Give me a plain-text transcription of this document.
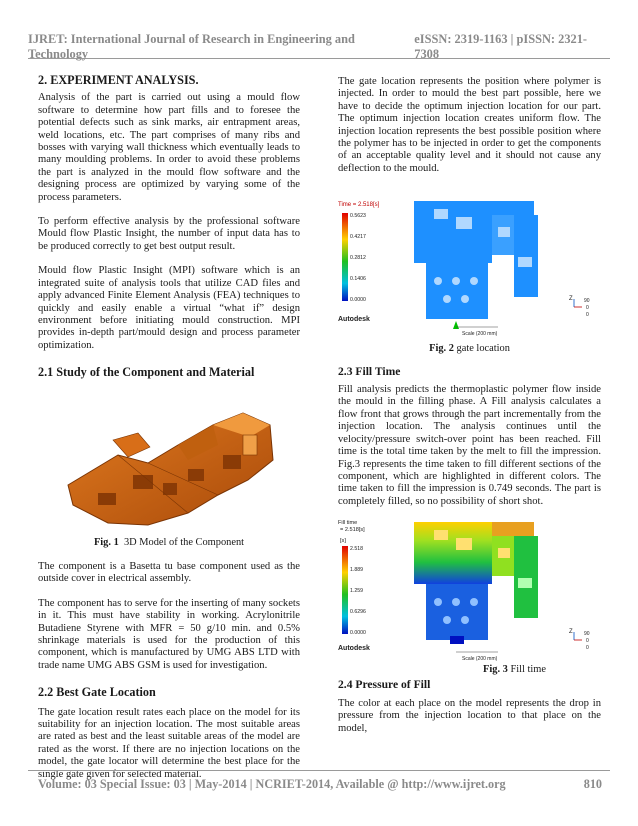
IJRET: International Journal of Research in Engineering and Technology
eISSN: 2319-1163 | pISSN: 2321-7308
2. EXPERIMENT ANALYSIS.

Analysis of the part is carried out using a mould flow software to determine how part fills and to foresee the potential defects such as sink marks, air entrapment areas, weld locations, etc. The part comprises of many ribs and bosses with varying wall thickness which eventually leads to many moulding problems. In order to avoid these problems the part is analyzed in the mould flow software and the designing process are optimized by varying some of the process parameters.

To perform effective analysis by the professional software Mould flow Plastic Insight, the number of input data has to be produced correctly to get best output result.

Mould flow Plastic Insight (MPI) software which is an integrated suite of analysis tools that utilize CAD files and apply advanced Finite Element Analysis (FEA) techniques to quickly and easily enable a virtual “what if” design environment before initiating mould construction. MPI provides in-depth part/mould design and process parameter optimization.

2.1 Study of the Component and Material
Fig. 1 3D Model of the Component

The component is a Basetta tu base component used as the outside cover in electrical assembly.

The component has to serve for the inserting of many sockets in it. This must have stability in working. Acrylonitrile Butadiene Styrene with MFR = 50 g/10 min. and 0.5% shrinkage materials is used for the production of this component, which is manufactured by UMG ABS LTD with trade name UMG ABS GSM is used for investigation.

2.2 Best Gate Location

The gate location result rates each place on the model for its suitability for an injection location. The most suitable areas are rated as best and the least suitable areas of the model are rated as the worst. If there are no injection locations on the model, the gate locator will determine the best place for the single gate given for selected material.

The gate location represents the position where polymer is injected. In order to mould the best part possible, here we have to decide the optimum injection location for our part. The optimum injection location creates uniform flow. The injection location represents the best possible position where the polymer has to be injected in order to get the components of an acceptable quality level and it should not cause any deflection to the mould.

Time = 2.518[s]
0.5623
0.4217
0.2812
0.1406
0.0000
Autodesk
Scale (200 mm)
Z 90
0
0
Fig. 2 gate location
2.3 Fill Time

Fill analysis predicts the thermoplastic polymer flow inside the mould in the filling phase. A Fill analysis calculates a flow front that grows through the part incrementally from the injection location. The analysis continues until the velocity/pressure switch-over point has been reached. Fill time is the total time taken by the melt to fill the impression. Fig.3 represents the time taken to fill different sections of the component, which are highlighted in different colors. The time taken to fill the impression is 0.749 seconds. The part is completely filled, so no possibility of short shot.

Fill time
= 2.518[s]
[s]
2.518
1.889
1.259
0.6296
0.0000
Autodesk
Scale (200 mm)
Z 90
0
0
Fig. 3 Fill time
2.4 Pressure of Fill

The color at each place on the model represents the drop in pressure from the injection location to that place on the model,

Volume: 03 Special Issue: 03 | May-2014 | NCRIET-2014, Available @ http://www.ijret.org	810
